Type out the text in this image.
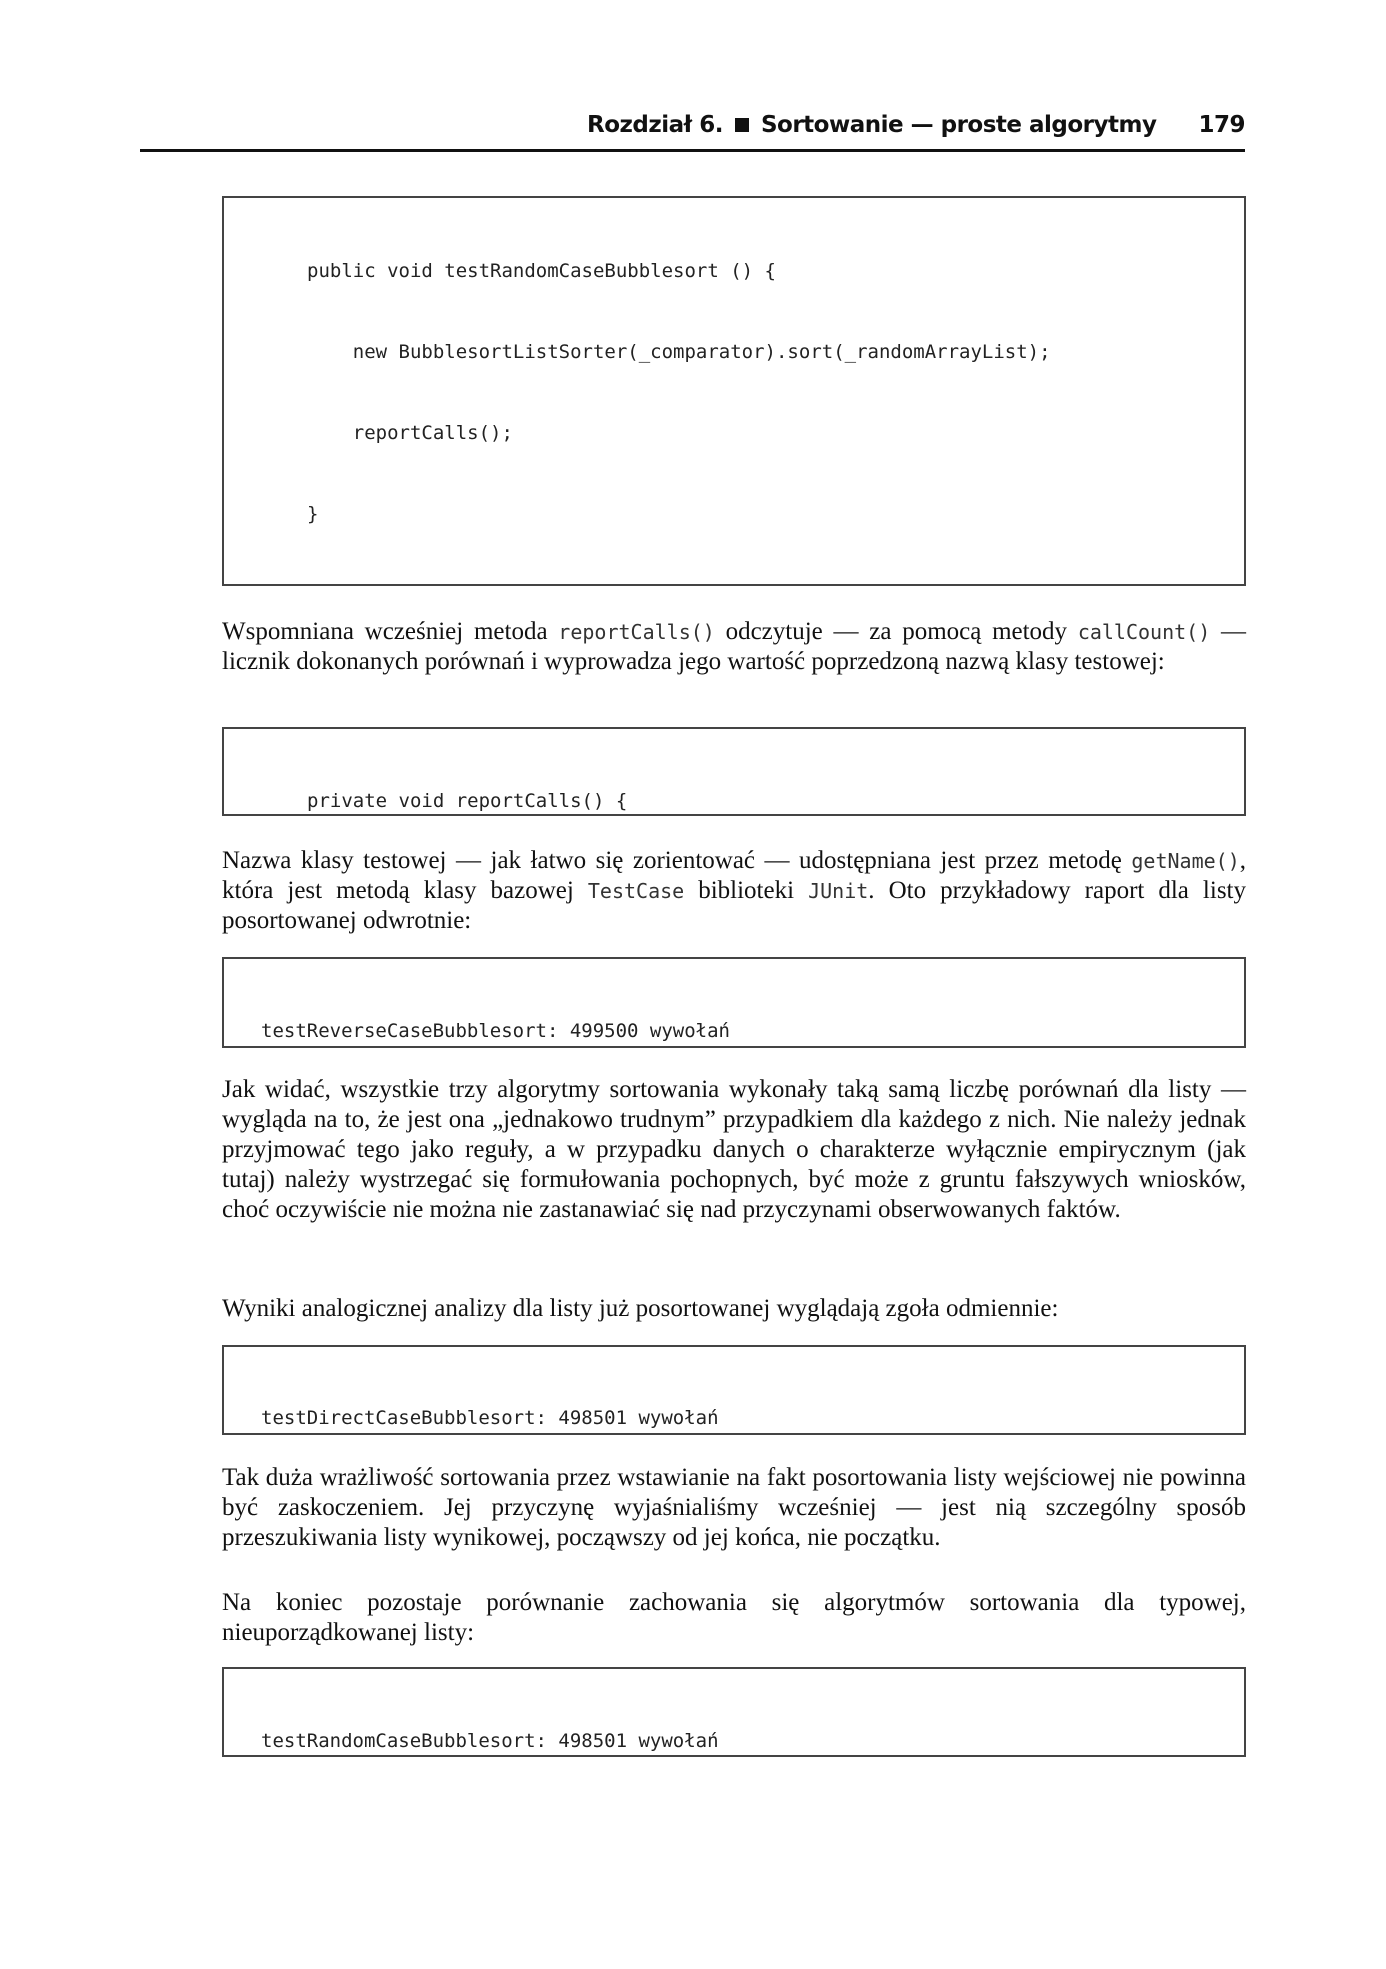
Rozdział 6. Sortowanie — proste algorytmy 179

public void testRandomCaseBubblesort () {

new BubblesortListSorter(_comparator).sort(_randomArrayList);

reportCalls();

}

Wspomniana wcześniej metoda reportCalls() odczytuje — za pomocą metody callCount() — licznik dokonanych porównań i wyprowadza jego wartość poprzedzoną nazwą klasy testowej:

private void reportCalls() {

Nazwa klasy testowej — jak łatwo się zorientować — udostępniana jest przez metodę getName(), która jest metodą klasy bazowej TestCase biblioteki JUnit. Oto przykładowy raport dla listy posortowanej odwrotnie:

testReverseCaseBubblesort: 499500 wywołań

Jak widać, wszystkie trzy algorytmy sortowania wykonały taką samą liczbę porównań dla listy — wygląda na to, że jest ona „jednakowo trudnym” przypadkiem dla każdego z nich. Nie należy jednak przyjmować tego jako reguły, a w przypadku danych o charakterze wyłącznie empirycznym (jak tutaj) należy wystrzegać się formułowania pochopnych, być może z gruntu fałszywych wniosków, choć oczywiście nie można nie zastanawiać się nad przyczynami obserwowanych faktów.
Wyniki analogicznej analizy dla listy już posortowanej wyglądają zgoła odmiennie:

testDirectCaseBubblesort: 498501 wywołań

Tak duża wrażliwość sortowania przez wstawianie na fakt posortowania listy wejściowej nie powinna być zaskoczeniem. Jej przyczynę wyjaśnialiśmy wcześniej — jest nią szczególny sposób przeszukiwania listy wynikowej, począwszy od jej końca, nie początku.
Na koniec pozostaje porównanie zachowania się algorytmów sortowania dla typowej, nieuporządkowanej listy:

testRandomCaseBubblesort: 498501 wywołań
